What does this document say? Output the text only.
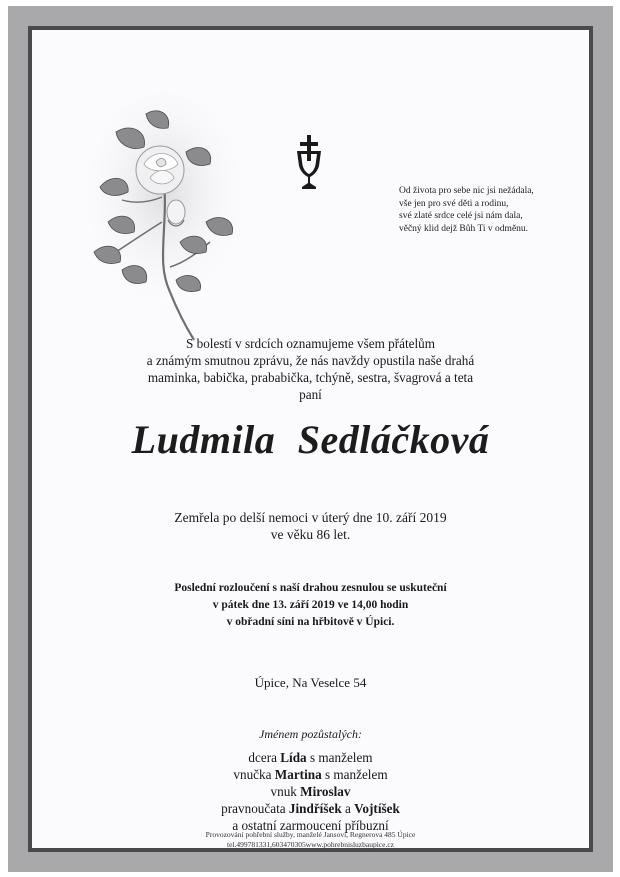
Od života pro sebe nic jsi nežádala,
vše jen pro své děti a rodinu,
své zlaté srdce celé jsi nám dala,
věčný klid dejž Bůh Ti v odměnu.
S bolestí v srdcích oznamujeme všem přátelům
a známým smutnou zprávu, že nás navždy opustila naše drahá
maminka, babička, prababička, tchýně, sestra, švagrová a teta
paní
Ludmila Sedláčková
Zemřela po delší nemoci v úterý dne 10. září 2019
ve věku 86 let.
Poslední rozloučení s naší drahou zesnulou se uskuteční
v pátek dne 13. září 2019 ve 14,00 hodin
v obřadní síni na hřbitově v Úpici.
Úpice, Na Veselce 54
Jménem pozůstalých:
dcera Lída s manželem
vnučka Martina s manželem
vnuk Miroslav
pravnoučata Jindříšek a Vojtíšek
a ostatní zarmoucení příbuzní
Provozování pohřební služby, manželé Jansovi, Regnerova 485 Úpice
tel.499781331,603470305www.pohrebnisluzbaupice.cz
